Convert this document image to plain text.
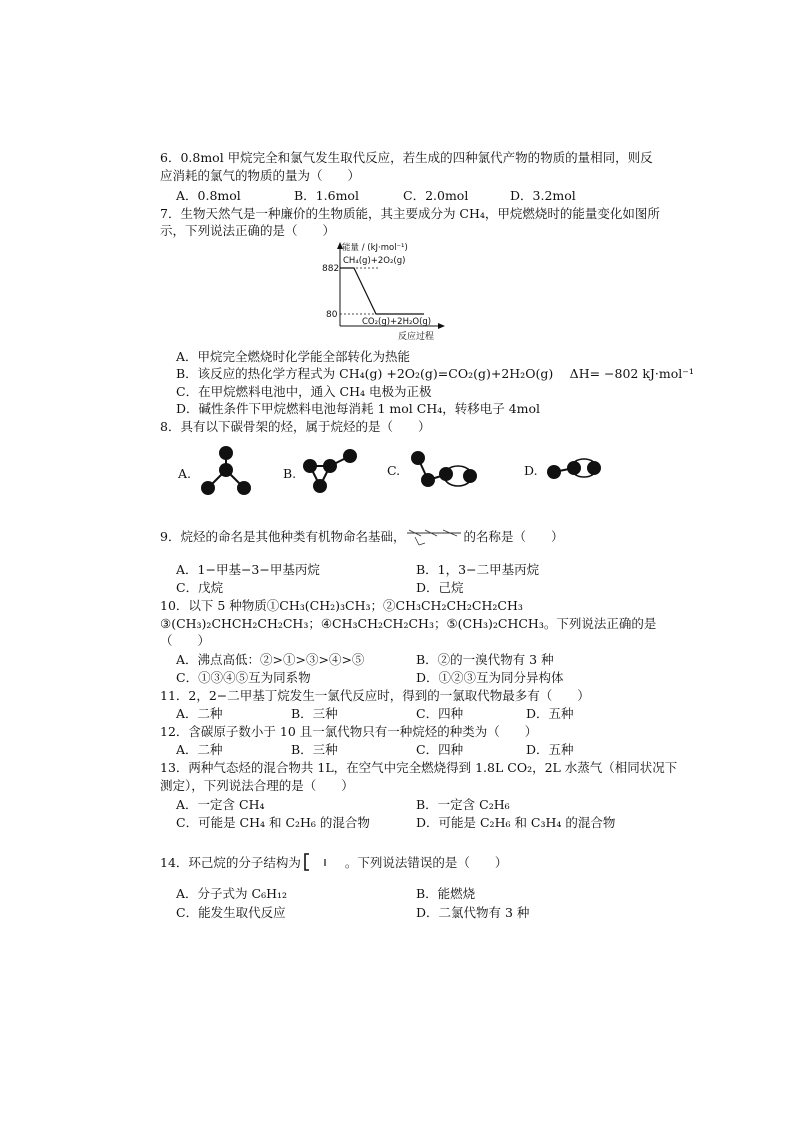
6．0.8mol 甲烷完全和氯气发生取代反应，若生成的四种氯代产物的物质的量相同，则反
应消耗的氯气的物质的量为（　　）
A．0.8mol	B．1.6mol	C．2.0mol	D．3.2mol
7．生物天然气是一种廉价的生物质能，其主要成分为 CH₄，甲烷燃烧时的能量变化如图所
示，下列说法正确的是（　　）
能量 / (kJ·mol⁻¹)
882
80
CH₄(g)+2O₂(g)
CO₂(g)+2H₂O(g)
反应过程
A．甲烷完全燃烧时化学能全部转化为热能
B．该反应的热化学方程式为 CH₄(g) +2O₂(g)=CO₂(g)+2H₂O(g)　 ΔH= −802 kJ·mol⁻¹
C．在甲烷燃料电池中，通入 CH₄ 电极为正极
D．碱性条件下甲烷燃料电池每消耗 1 mol CH₄，转移电子 4mol
8．具有以下碳骨架的烃，属于烷烃的是（　　）
A.	B.	C.	D.
9．烷烃的命名是其他种类有机物命名基础，	的名称是（　　）
A．1−甲基−3−甲基丙烷	B．1，3−二甲基丙烷
C．戊烷	D．己烷
10．以下 5 种物质①CH₃(CH₂)₃CH₃；②CH₃CH₂CH₂CH₂CH₃
③(CH₃)₂CHCH₂CH₂CH₃；④CH₃CH₂CH₂CH₃；⑤(CH₃)₂CHCH₃。下列说法正确的是
（　　）
A．沸点高低：②>①>③>④>⑤	B．②的一溴代物有 3 种
C．①③④⑤互为同系物	D．①②③互为同分异构体
11．2，2−二甲基丁烷发生一氯代反应时，得到的一氯取代物最多有（　　）
A．二种	B．三种	C．四种	D．五种
12．含碳原子数小于 10 且一氯代物只有一种烷烃的种类为（　　）
A．二种	B．三种	C．四种	D．五种
13．两种气态烃的混合物共 1L，在空气中完全燃烧得到 1.8L CO₂，2L 水蒸气（相同状况下
测定），下列说法合理的是（　　）
A．一定含 CH₄	B．一定含 C₂H₆
C．可能是 CH₄ 和 C₂H₆ 的混合物	D．可能是 C₂H₆ 和 C₃H₄ 的混合物
14．环己烷的分子结构为	。下列说法错误的是（　　）
A．分子式为 C₆H₁₂	B．能燃烧
C．能发生取代反应	D．二氯代物有 3 种
